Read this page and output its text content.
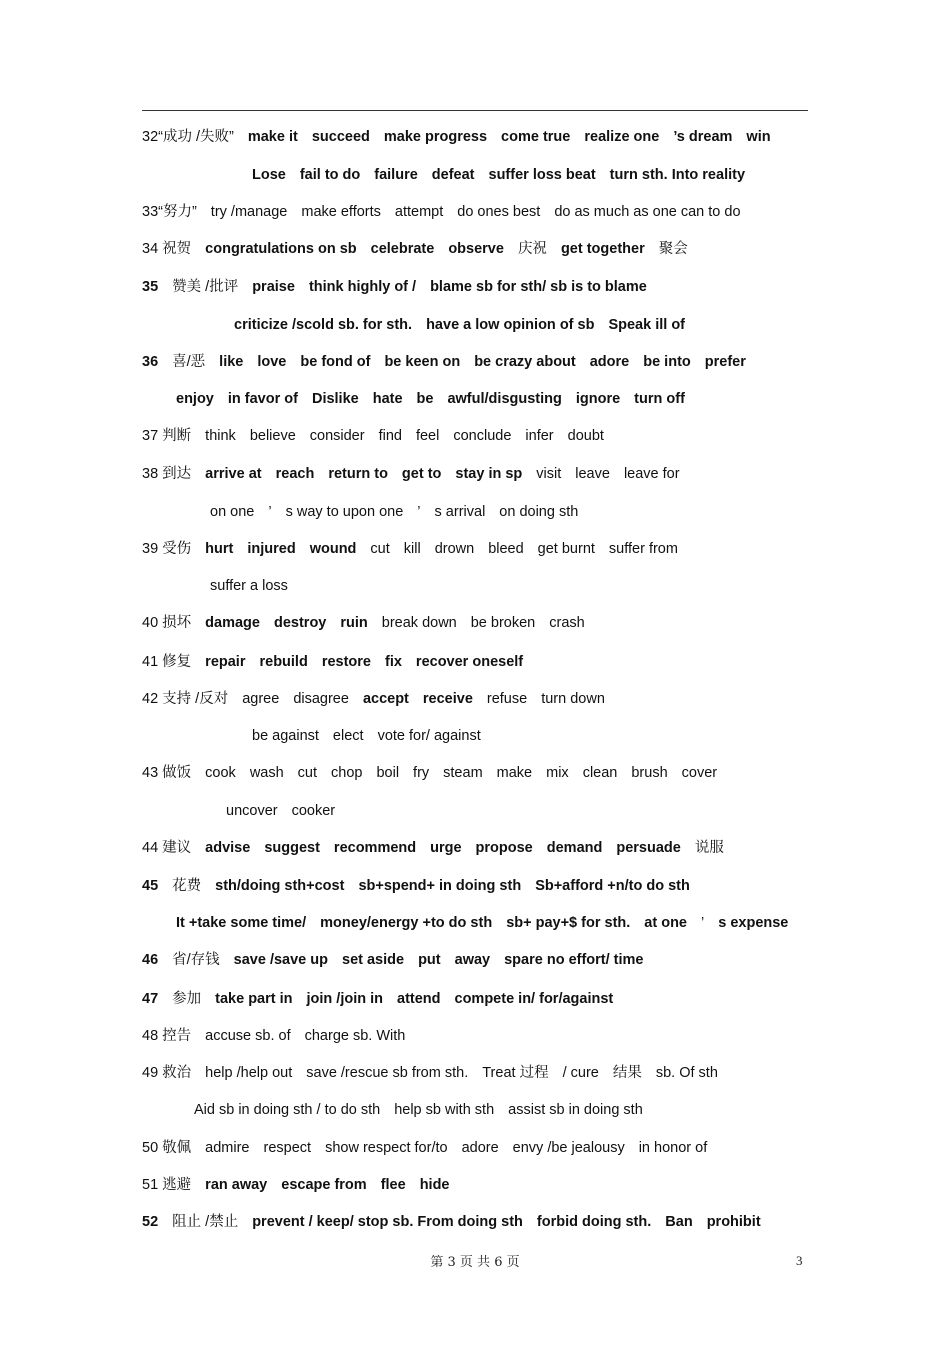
32“成功 /失败” make it succeed make progress come true realize one ’s dream win
Lose fail to do failure defeat suffer loss beat turn sth. Into reality
33“努力” try /manage make efforts attempt do ones best do as much as one can to do
34 祝贺 congratulations on sb celebrate observe 庆祝 get together 聚会
35 赞美 /批评 praise think highly of / blame sb for sth/ sb is to blame
criticize /scold sb. for sth. have a low opinion of sb Speak ill of
36 喜/恶 like love be fond of be keen on be crazy about adore be into prefer
enjoy in favor of Dislike hate be awful/disgusting ignore turn off
37 判断 think believe consider find feel conclude infer doubt
38 到达 arrive at reach return to get to stay in sp visit leave leave for
on one ’ s way to upon one ’ s arrival on doing sth
39 受伤 hurt injured wound cut kill drown bleed get burnt suffer from
suffer a loss
40 损坏 damage destroy ruin break down be broken crash
41 修复 repair rebuild restore fix recover oneself
42 支持 /反对 agree disagree accept receive refuse turn down
be against elect vote for/ against
43 做饭 cook wash cut chop boil fry steam make mix clean brush cover
uncover cooker
44 建议 advise suggest recommend urge propose demand persuade 说服
45 花费 sth/doing sth+cost sb+spend+ in doing sth Sb+afford +n/to do sth
It +take some time/ money/energy +to do sth sb+ pay+$ for sth. at one ’ s expense
46 省/存钱 save /save up set aside put away spare no effort/ time
47 参加 take part in join /join in attend compete in/ for/against
48 控告 accuse sb. of charge sb. With
49 救治 help /help out save /rescue sb from sth. Treat 过程 / cure 结果 sb. Of sth
Aid sb in doing sth / to do sth help sb with sth assist sb in doing sth
50 敬佩 admire respect show respect for/to adore envy /be jealousy in honor of
51 逃避 ran away escape from flee hide
52 阻止 /禁止 prevent / keep/ stop sb. From doing sth forbid doing sth. Ban prohibit
第 3 页 共 6 页	3
